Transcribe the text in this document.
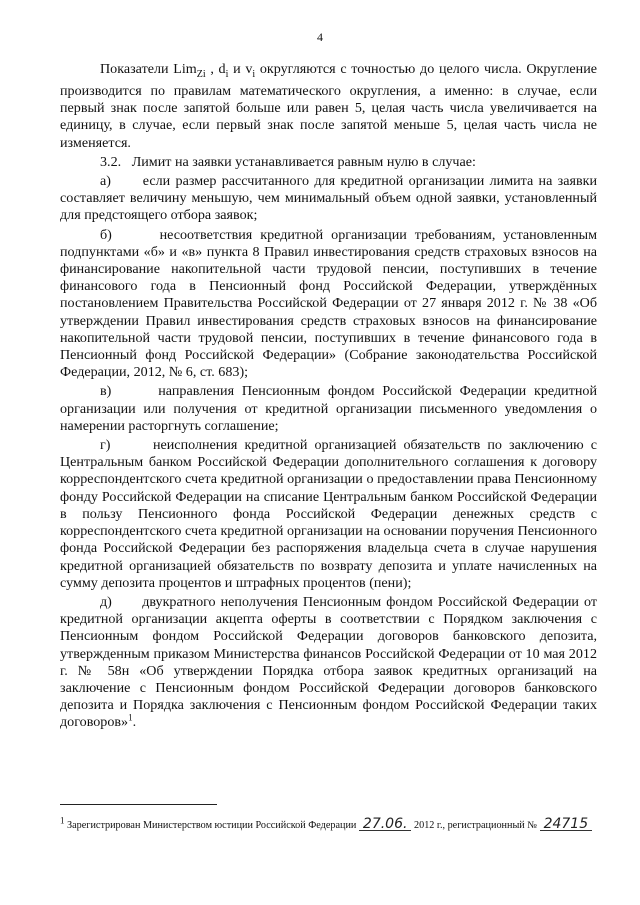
4

Показатели Lim$_{Zi}$ , $d_i$ и $v_i$ округляются с точностью до целого числа. Округление производится по правилам математического округления, а именно: в случае, если первый знак после запятой больше или равен 5, целая часть числа увеличивается на единицу, в случае, если первый знак после запятой меньше 5, целая часть числа не изменяется.

3.2.   Лимит на заявки устанавливается равным нулю в случае:

а) если размер рассчитанного для кредитной организации лимита на заявки составляет величину меньшую, чем минимальный объем одной заявки, установленный для предстоящего отбора заявок;

б)	несоответствия кредитной организации требованиям, установленным подпунктами «б» и «в» пункта 8 Правил инвестирования средств страховых взносов на финансирование накопительной части трудовой пенсии, поступивших в течение финансового года в Пенсионный фонд Российской Федерации, утверждённых постановлением Правительства Российской Федерации от 27 января 2012 г. № 38 «Об утверждении Правил инвестирования средств страховых взносов на финансирование накопительной части трудовой пенсии, поступивших в течение финансового года в Пенсионный фонд Российской Федерации» (Собрание законодательства Российской Федерации, 2012, № 6, ст. 683);

в)	направления Пенсионным фондом Российской Федерации кредитной организации или получения от кредитной организации письменного уведомления о намерении расторгнуть соглашение;

г)	неисполнения кредитной организацией обязательств по заключению с Центральным банком Российской Федерации дополнительного соглашения к договору корреспондентского счета кредитной организации о предоставлении права Пенсионному фонду Российской Федерации на списание Центральным банком Российской Федерации в пользу Пенсионного фонда Российской Федерации денежных средств с корреспондентского счета кредитной организации на основании поручения Пенсионного фонда Российской Федерации без распоряжения владельца счета в случае нарушения кредитной организацией обязательств по возврату депозита и уплате начисленных на сумму депозита процентов и штрафных процентов (пени);

д) двукратного неполучения Пенсионным фондом Российской Федерации от кредитной организации акцепта оферты в соответствии с Порядком заключения с Пенсионным фондом Российской Федерации договоров банковского депозита, утвержденным приказом Министерства финансов Российской Федерации от 10 мая 2012 г. № 58н «Об утверждении Порядка отбора заявок кредитных организаций на заключение с Пенсионным фондом Российской Федерации договоров банковского депозита и Порядка заключения с Пенсионным фондом Российской Федерации таких договоров»$^1$.

$^1$ Зарегистрирован Министерством юстиции Российской Федерации 27.06. 2012 г., регистрационный № 24715
